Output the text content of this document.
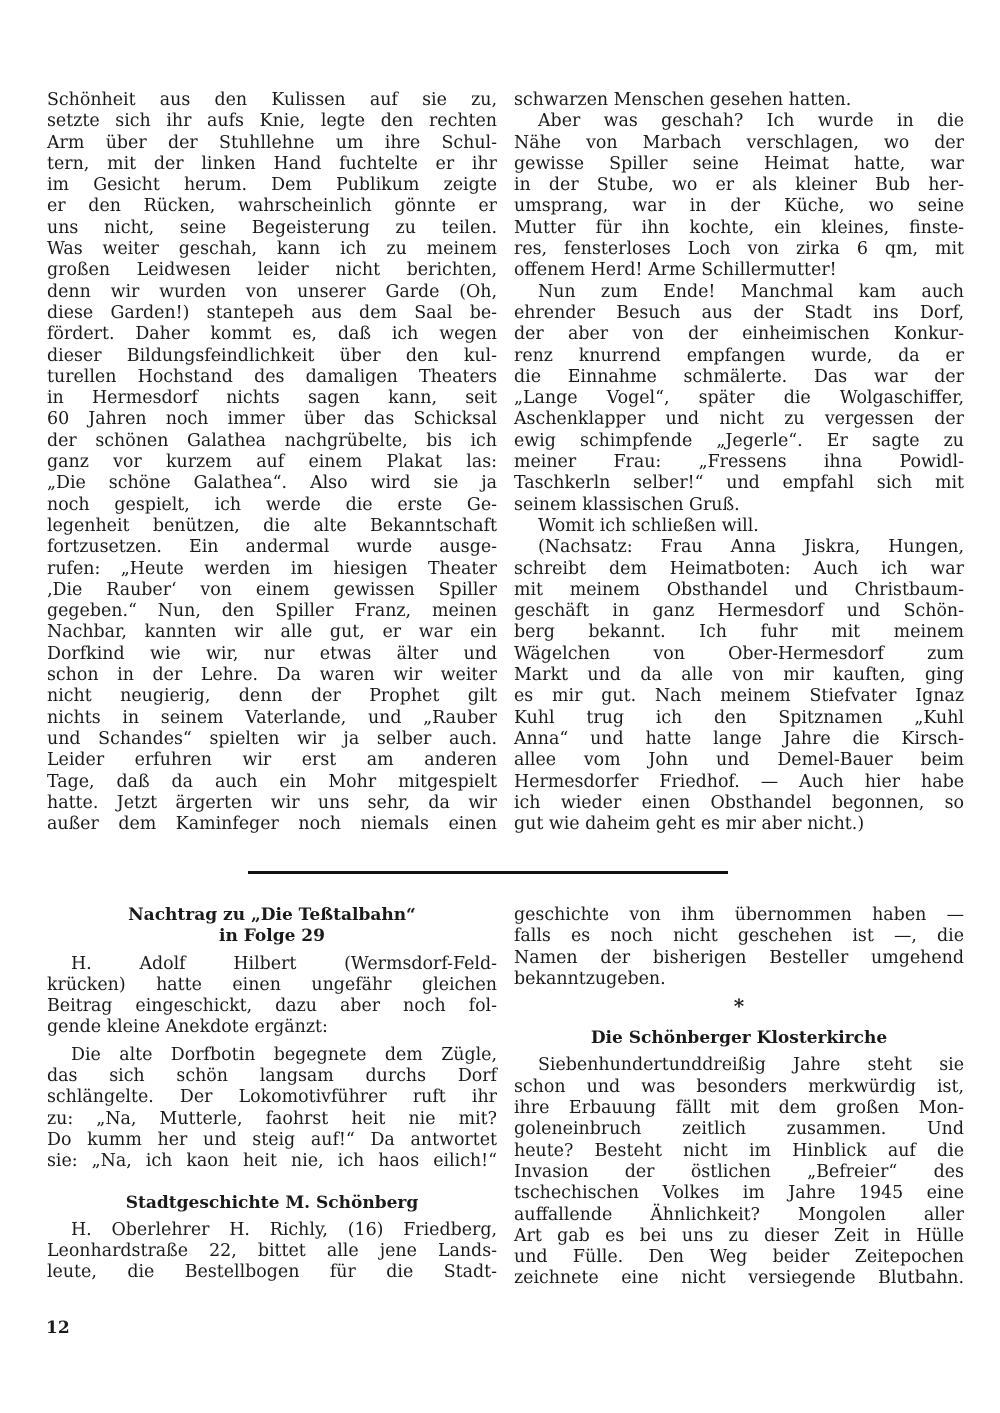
Schönheit aus den Kulissen auf sie zu,
setzte sich ihr aufs Knie, legte den rechten
Arm über der Stuhllehne um ihre Schul-
tern, mit der linken Hand fuchtelte er ihr
im Gesicht herum. Dem Publikum zeigte
er den Rücken, wahrscheinlich gönnte er
uns nicht, seine Begeisterung zu teilen.
Was weiter geschah, kann ich zu meinem
großen Leidwesen leider nicht berichten,
denn wir wurden von unserer Garde (Oh,
diese Garden!) stantepeh aus dem Saal be-
fördert. Daher kommt es, daß ich wegen
dieser Bildungsfeindlichkeit über den kul-
turellen Hochstand des damaligen Theaters
in Hermesdorf nichts sagen kann, seit
60 Jahren noch immer über das Schicksal
der schönen Galathea nachgrübelte, bis ich
ganz vor kurzem auf einem Plakat las:
„Die schöne Galathea“. Also wird sie ja
noch gespielt, ich werde die erste Ge-
legenheit benützen, die alte Bekanntschaft
fortzusetzen. Ein andermal wurde ausge-
rufen: „Heute werden im hiesigen Theater
‚Die Rauber‘ von einem gewissen Spiller
gegeben.“ Nun, den Spiller Franz, meinen
Nachbar, kannten wir alle gut, er war ein
Dorfkind wie wir, nur etwas älter und
schon in der Lehre. Da waren wir weiter
nicht neugierig, denn der Prophet gilt
nichts in seinem Vaterlande, und „Rauber
und Schandes“ spielten wir ja selber auch.
Leider erfuhren wir erst am anderen
Tage, daß da auch ein Mohr mitgespielt
hatte. Jetzt ärgerten wir uns sehr, da wir
außer dem Kaminfeger noch niemals einen
schwarzen Menschen gesehen hatten.
Aber was geschah? Ich wurde in die
Nähe von Marbach verschlagen, wo der
gewisse Spiller seine Heimat hatte, war
in der Stube, wo er als kleiner Bub her-
umsprang, war in der Küche, wo seine
Mutter für ihn kochte, ein kleines, finste-
res, fensterloses Loch von zirka 6 qm, mit
offenem Herd! Arme Schillermutter!
Nun zum Ende! Manchmal kam auch
ehrender Besuch aus der Stadt ins Dorf,
der aber von der einheimischen Konkur-
renz knurrend empfangen wurde, da er
die Einnahme schmälerte. Das war der
„Lange Vogel“, später die Wolgaschiffer,
Aschenklapper und nicht zu vergessen der
ewig schimpfende „Jegerle“. Er sagte zu
meiner Frau: „Fressens ihna Powidl-
Taschkerln selber!“ und empfahl sich mit
seinem klassischen Gruß.
Womit ich schließen will.
(Nachsatz: Frau Anna Jiskra, Hungen,
schreibt dem Heimatboten: Auch ich war
mit meinem Obsthandel und Christbaum-
geschäft in ganz Hermesdorf und Schön-
berg bekannt. Ich fuhr mit meinem
Wägelchen von Ober-Hermesdorf zum
Markt und da alle von mir kauften, ging
es mir gut. Nach meinem Stiefvater Ignaz
Kuhl trug ich den Spitznamen „Kuhl
Anna“ und hatte lange Jahre die Kirsch-
allee vom John und Demel-Bauer beim
Hermesdorfer Friedhof. — Auch hier habe
ich wieder einen Obsthandel begonnen, so
gut wie daheim geht es mir aber nicht.)
Nachtrag zu „Die Teßtalbahn“
in Folge 29
H. Adolf Hilbert (Wermsdorf-Feld-
krücken) hatte einen ungefähr gleichen
Beitrag eingeschickt, dazu aber noch fol-
gende kleine Anekdote ergänzt:
Die alte Dorfbotin begegnete dem Zügle,
das sich schön langsam durchs Dorf
schlängelte. Der Lokomotivführer ruft ihr
zu: „Na, Mutterle, faohrst heit nie mit?
Do kumm her und steig auf!“ Da antwortet
sie: „Na, ich kaon heit nie, ich haos eilich!“
Stadtgeschichte M. Schönberg
H. Oberlehrer H. Richly, (16) Friedberg,
Leonhardstraße 22, bittet alle jene Lands-
leute, die Bestellbogen für die Stadt-
geschichte von ihm übernommen haben —
falls es noch nicht geschehen ist —, die
Namen der bisherigen Besteller umgehend
bekanntzugeben.
*
Die Schönberger Klosterkirche
Siebenhundertunddreißig Jahre steht sie
schon und was besonders merkwürdig ist,
ihre Erbauung fällt mit dem großen Mon-
goleneinbruch zeitlich zusammen. Und
heute? Besteht nicht im Hinblick auf die
Invasion der östlichen „Befreier“ des
tschechischen Volkes im Jahre 1945 eine
auffallende Ähnlichkeit? Mongolen aller
Art gab es bei uns zu dieser Zeit in Hülle
und Fülle. Den Weg beider Zeitepochen
zeichnete eine nicht versiegende Blutbahn.
12
